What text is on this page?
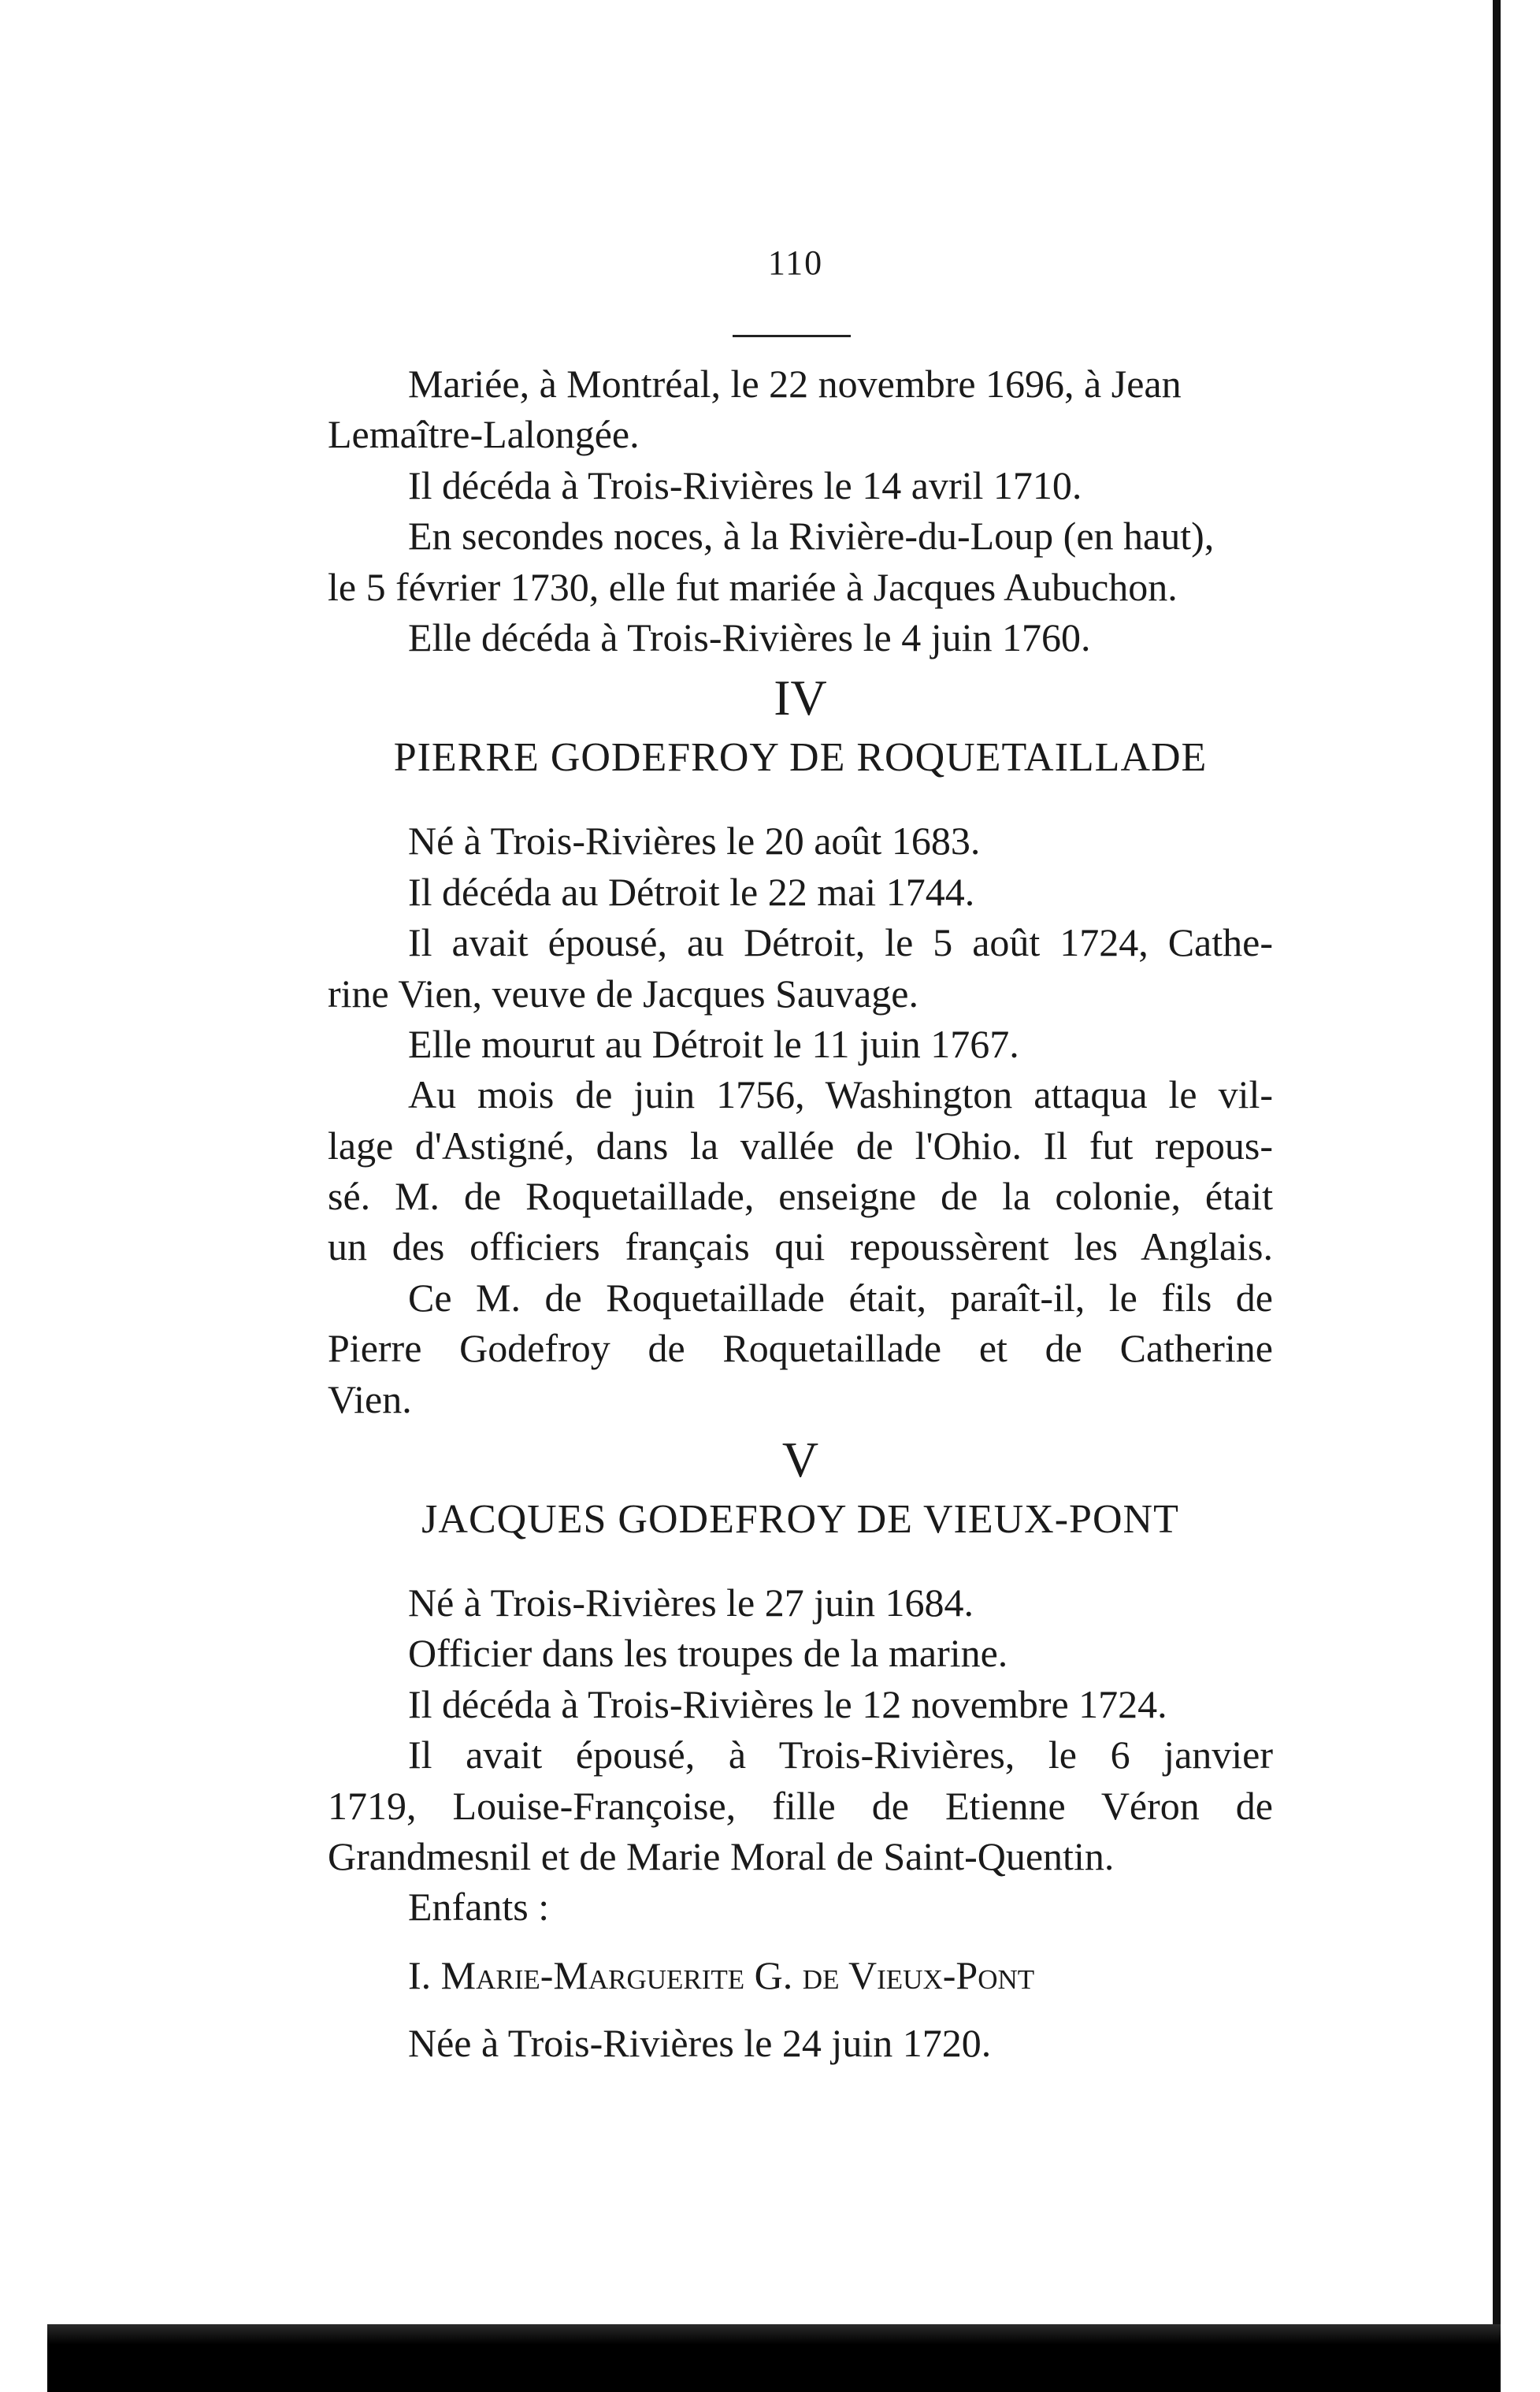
110
Mariée, à Montréal, le 22 novembre 1696, à Jean
Lemaître-Lalongée.
Il décéda à Trois-Rivières le 14 avril 1710.
En secondes noces, à la Rivière-du-Loup (en haut),
le 5 février 1730, elle fut mariée à Jacques Aubuchon.
Elle décéda à Trois-Rivières le 4 juin 1760.
IV
PIERRE GODEFROY DE ROQUETAILLADE
Né à Trois-Rivières le 20 août 1683.
Il décéda au Détroit le 22 mai 1744.
Il avait épousé, au Détroit, le 5 août 1724, Cathe-
rine Vien, veuve de Jacques Sauvage.
Elle mourut au Détroit le 11 juin 1767.
Au mois de juin 1756, Washington attaqua le vil-
lage d'Astigné, dans la vallée de l'Ohio. Il fut repous-
sé. M. de Roquetaillade, enseigne de la colonie, était
un des officiers français qui repoussèrent les Anglais.
Ce M. de Roquetaillade était, paraît-il, le fils de
Pierre Godefroy de Roquetaillade et de Catherine
Vien.
V
JACQUES GODEFROY DE VIEUX-PONT
Né à Trois-Rivières le 27 juin 1684.
Officier dans les troupes de la marine.
Il décéda à Trois-Rivières le 12 novembre 1724.
Il avait épousé, à Trois-Rivières, le 6 janvier
1719, Louise-Françoise, fille de Etienne Véron de
Grandmesnil et de Marie Moral de Saint-Quentin.
Enfants :
I. Marie-Marguerite G. de Vieux-Pont
Née à Trois-Rivières le 24 juin 1720.
